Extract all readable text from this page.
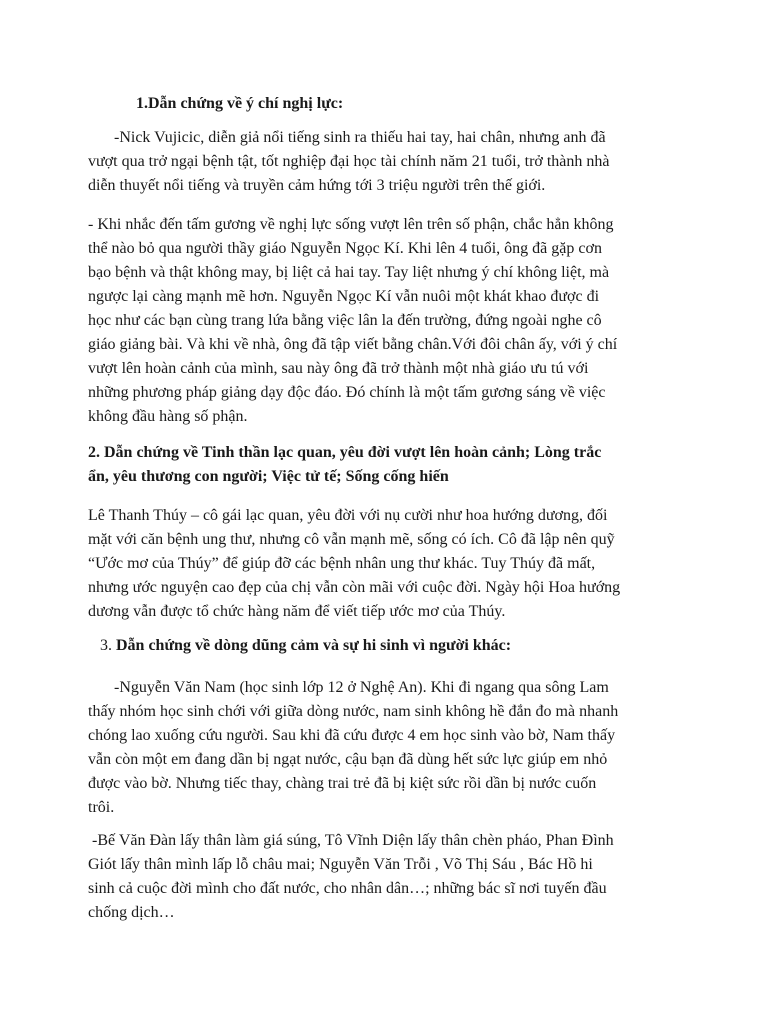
1.Dẫn chứng về ý chí nghị lực:
-Nick Vujicic, diễn giả nổi tiếng sinh ra thiếu hai tay, hai chân, nhưng anh đã
vượt qua trở ngại bệnh tật, tốt nghiệp đại học tài chính năm 21 tuổi, trở thành nhà
diễn thuyết nổi tiếng và truyền cảm hứng tới 3 triệu người trên thế giới.
- Khi nhắc đến tấm gương về nghị lực sống vượt lên trên số phận, chắc hẳn không
thể nào bỏ qua người thầy giáo Nguyễn Ngọc Kí. Khi lên 4 tuổi, ông đã gặp cơn
bạo bệnh và thật không may, bị liệt cả hai tay. Tay liệt nhưng ý chí không liệt, mà
ngược lại càng mạnh mẽ hơn. Nguyễn Ngọc Kí vẫn nuôi một khát khao được đi
học như các bạn cùng trang lứa bằng việc lân la đến trường, đứng ngoài nghe cô
giáo giảng bài. Và khi về nhà, ông đã tập viết bằng chân.Với đôi chân ấy, với ý chí
vượt lên hoàn cảnh của mình, sau này ông đã trở thành một nhà giáo ưu tú với
những phương pháp giảng dạy độc đáo. Đó chính là một tấm gương sáng về việc
không đầu hàng số phận.
2. Dẫn chứng về Tinh thần lạc quan, yêu đời vượt lên hoàn cảnh; Lòng trắc
ẩn, yêu thương con người; Việc tử tế; Sống cống hiến
Lê Thanh Thúy – cô gái lạc quan, yêu đời với nụ cười như hoa hướng dương, đối
mặt với căn bệnh ung thư, nhưng cô vẫn mạnh mẽ, sống có ích. Cô đã lập nên quỹ
“Ước mơ của Thúy” để giúp đỡ các bệnh nhân ung thư khác. Tuy Thúy đã mất,
nhưng ước nguyện cao đẹp của chị vẫn còn mãi với cuộc đời. Ngày hội Hoa hướng
dương vẫn được tổ chức hàng năm để viết tiếp ước mơ của Thúy.
3. Dẫn chứng về dòng dũng cảm và sự hi sinh vì người khác:
-Nguyễn Văn Nam (học sinh lớp 12 ở Nghệ An). Khi đi ngang qua sông Lam
thấy nhóm học sinh chới với giữa dòng nước, nam sinh không hề đắn đo mà nhanh
chóng lao xuống cứu người. Sau khi đã cứu được 4 em học sinh vào bờ, Nam thấy
vẫn còn một em đang dần bị ngạt nước, cậu bạn đã dùng hết sức lực giúp em nhỏ
được vào bờ. Nhưng tiếc thay, chàng trai trẻ đã bị kiệt sức rồi dần bị nước cuốn
trôi.
-Bế Văn Đàn lấy thân làm giá súng, Tô Vĩnh Diện lấy thân chèn pháo, Phan Đình
Giót lấy thân mình lấp lỗ châu mai; Nguyễn Văn Trỗi , Võ Thị Sáu , Bác Hồ hi
sinh cả cuộc đời mình cho đất nước, cho nhân dân…; những bác sĩ nơi tuyến đầu
chống dịch…
